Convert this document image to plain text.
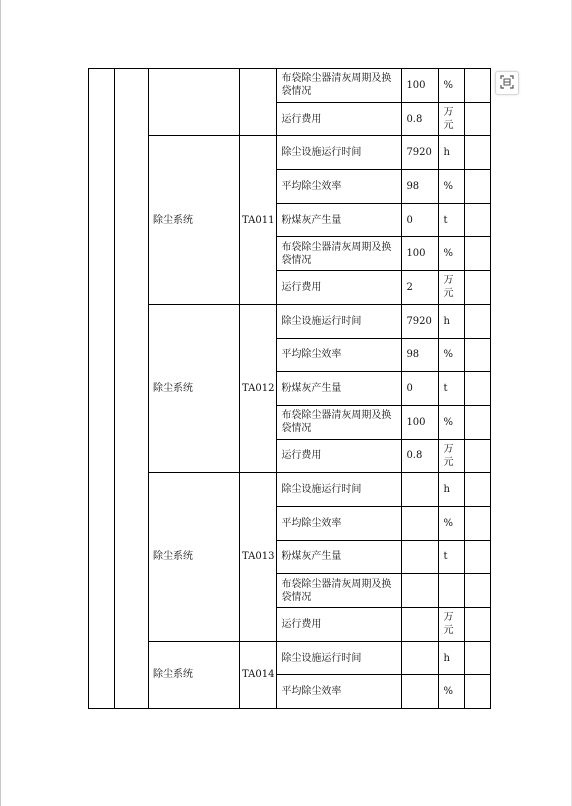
				布袋除尘器清灰周期及换袋情况	100	%	
				运行费用	0.8	万元	
		除尘系统	TA011	除尘设施运行时间	7920	h	
				平均除尘效率	98	%	
				粉煤灰产生量	0	t	
				布袋除尘器清灰周期及换袋情况	100	%	
				运行费用	2	万元	
		除尘系统	TA012	除尘设施运行时间	7920	h	
				平均除尘效率	98	%	
				粉煤灰产生量	0	t	
				布袋除尘器清灰周期及换袋情况	100	%	
				运行费用	0.8	万元	
		除尘系统	TA013	除尘设施运行时间		h	
				平均除尘效率		%	
				粉煤灰产生量		t	
				布袋除尘器清灰周期及换袋情况			
				运行费用		万元	
		除尘系统	TA014	除尘设施运行时间		h	
				平均除尘效率		%	
